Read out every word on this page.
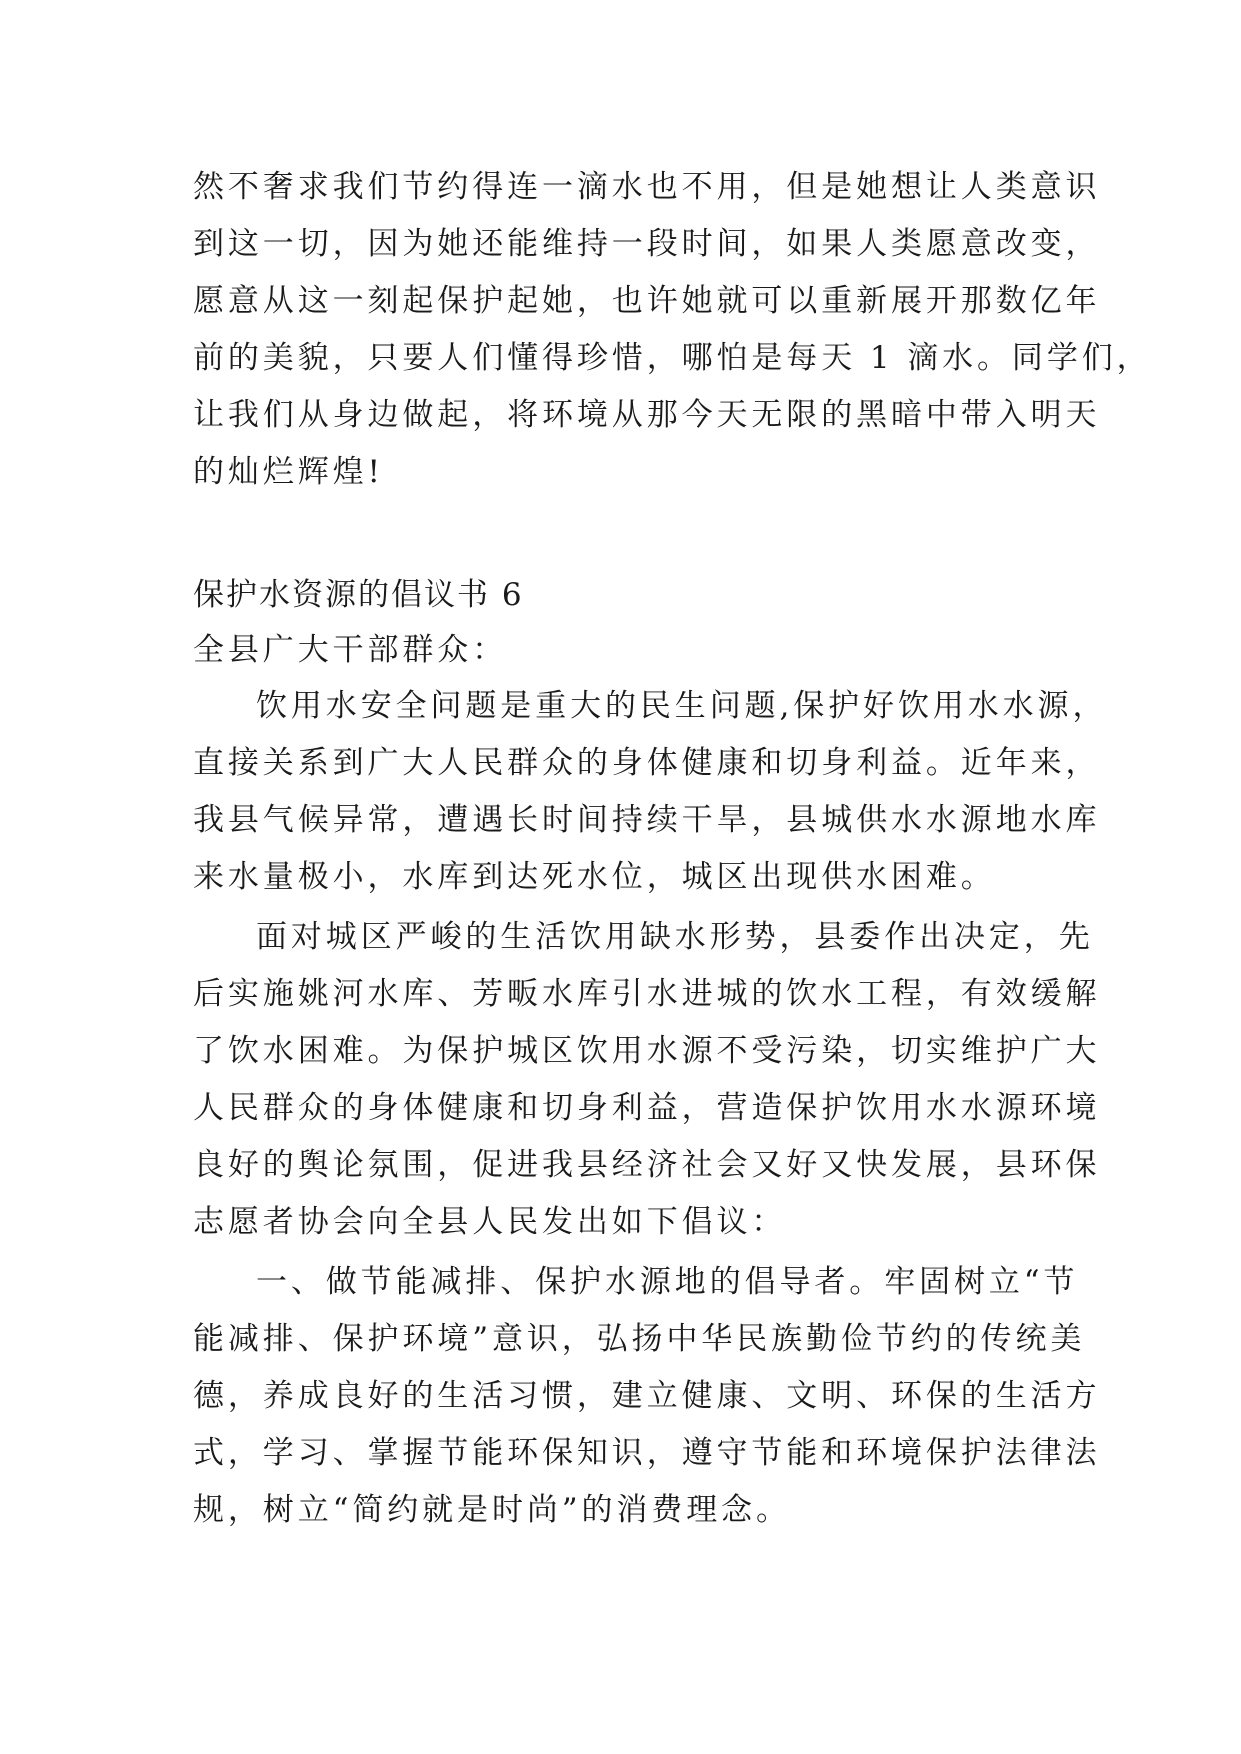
然不奢求我们节约得连一滴水也不用，但是她想让人类意识
到这一切，因为她还能维持一段时间，如果人类愿意改变，
愿意从这一刻起保护起她，也许她就可以重新展开那数亿年
前的美貌，只要人们懂得珍惜，哪怕是每天 1 滴水。同学们，
让我们从身边做起，将环境从那今天无限的黑暗中带入明天
的灿烂辉煌!
保护水资源的倡议书 6
全县广大干部群众：
饮用水安全问题是重大的民生问题,保护好饮用水水源，
直接关系到广大人民群众的身体健康和切身利益。近年来，
我县气候异常，遭遇长时间持续干旱，县城供水水源地水库
来水量极小，水库到达死水位，城区出现供水困难。
面对城区严峻的生活饮用缺水形势，县委作出决定，先
后实施姚河水库、芳畈水库引水进城的饮水工程，有效缓解
了饮水困难。为保护城区饮用水源不受污染，切实维护广大
人民群众的身体健康和切身利益，营造保护饮用水水源环境
良好的舆论氛围，促进我县经济社会又好又快发展，县环保
志愿者协会向全县人民发出如下倡议：
一、做节能减排、保护水源地的倡导者。牢固树立“节
能减排、保护环境”意识，弘扬中华民族勤俭节约的传统美
德，养成良好的生活习惯，建立健康、文明、环保的生活方
式，学习、掌握节能环保知识，遵守节能和环境保护法律法
规，树立“简约就是时尚”的消费理念。
